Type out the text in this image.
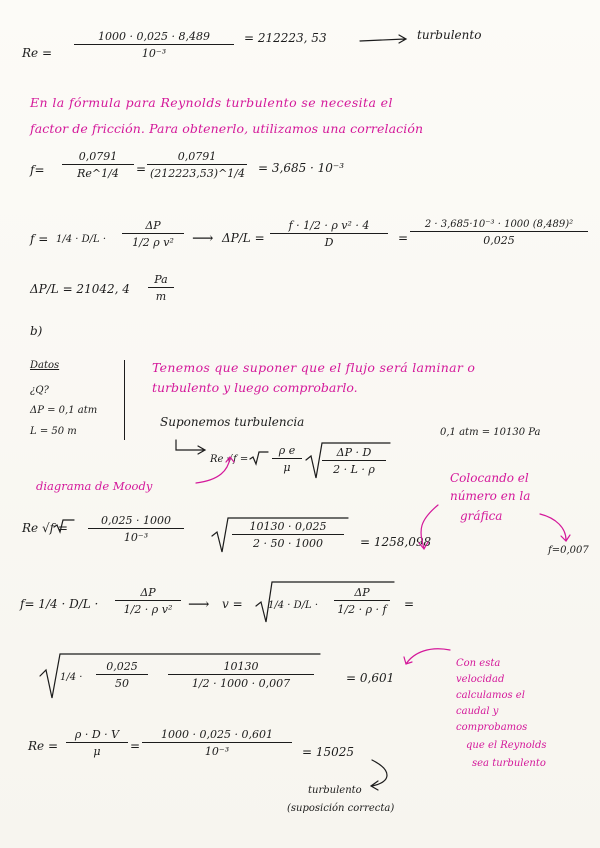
$Re = \frac{1000 \cdot 0,025 \cdot 8,489}{\text{10⁻³}} = 212223$, 53	turbulento
En la fórmula para Reynolds turbulento se necesita el
factor de fricción. Para obtenerlo, utilizamos una correlación
$f= \frac{0,0791}{Re\^{}1/4} = \frac{0,0791}{(212223,53)\^{}1/4} = 3,685 \cdot 10^{-3}$
$f = 1/4 \cdot D/L \cdot \frac{\Delta P}{\text{1/2 ρ v²}}$ ⟶ $\Delta P/L = \frac{\text{f · 1/2 · ρ v² · 4}}{D} = \frac{\text{2 · 3,685·10⁻³ · 1000 (8,489)²}}{0,025}$
ΔP/L = 21042, $4 \frac{Pa}{m}$
b)
Datos
¿Q?
ΔP = 0,1 atm
L = 50 m
Tenemos que suponer que el flujo será laminar o
turbulento y luego comprobarlo.
Suponemos turbulencia
0,1 atm = 10130 Pa
Re $√f = \frac{\text{ρ e}}{\mu} \frac{\Delta P \cdot D}{2 \cdot L \cdot \rho}$
diagrama de Moody
Colocando el
número en la
gráfica
f=0,007
Re $√f = \frac{0,025 \cdot 1000}{\text{10⁻³}}$	$\frac{10130 \cdot 0,025}{2 \cdot 50 \cdot 1000} = 1258,098$
$f= 1/4 \cdot D/L \cdot \frac{\Delta P}{\text{1/2 · ρ v²}}$ ⟶ v =	$1/4 \cdot D/L \cdot \frac{\Delta P}{1/2 \cdot \rho \cdot f}$ =
$1/4 \cdot \frac{0,025}{50} \frac{10130}{1/2 \cdot 1000 \cdot 0,007}$	= 0,601
Con esta
velocidad
calculamos el
caudal y
comprobamos
que el Reynolds
sea turbulento
$Re = \frac{\rho \cdot D \cdot V}{\mu} = \frac{1000 \cdot 0,025 \cdot 0,601}{\text{10⁻³}} = 15025$
turbulento
(suposición correcta)
